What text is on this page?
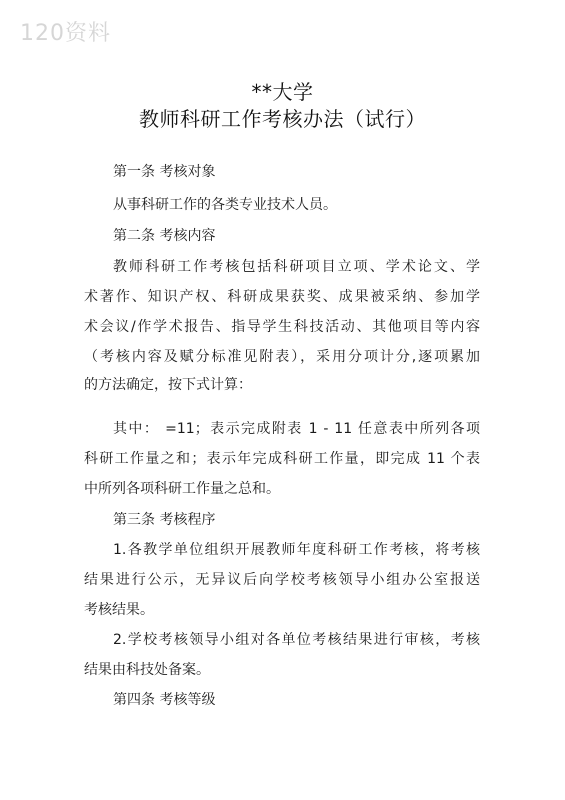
120资料
**大学
教师科研工作考核办法（试行）
第一条 考核对象
从事科研工作的各类专业技术人员。
第二条 考核内容
教师科研工作考核包括科研项目立项、学术论文、学
术著作、知识产权、科研成果获奖、成果被采纳、参加学
术会议/作学术报告、指导学生科技活动、其他项目等内容
（考核内容及赋分标准见附表），采用分项计分,逐项累加
的方法确定，按下式计算：
其中： =11；表示完成附表 1 - 11 任意表中所列各项
科研工作量之和；表示年完成科研工作量，即完成 11 个表
中所列各项科研工作量之总和。
第三条 考核程序
1.各教学单位组织开展教师年度科研工作考核，将考核
结果进行公示，无异议后向学校考核领导小组办公室报送
考核结果。
2.学校考核领导小组对各单位考核结果进行审核，考核
结果由科技处备案。
第四条 考核等级
